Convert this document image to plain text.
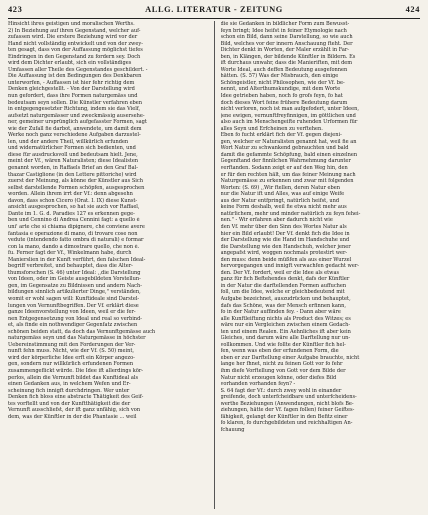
423	ALLG. LITERATUR - ZEITUNG	424
Hinsicht ihres geistigen und moralischen Werths.
2) In Beziehung auf ihren Gegenstand, welcher auf-
zufassen wird. Die erstere Beziehung wird vor der
Hand nicht vollständig entwickelt und von der zwey-
ten gesagt, dass von der Auffassung möglichst tiefes
Eindringen in den Gegenstand zu fordern sey. Doch
wird dem Dichter erlaubt, sich ein vollständiges
Umfassen aller Theile des Gegenstandes geschildert. -
Die Auffassung ist den Bedingungen des Denkbaren
unterworfen, - Auffassen ist hier fehr richtig dem
Denken gleichgestellt. - Von der Darstellung wird
nun gefordert, dass ihre Formen naturgemäss und
bedeutsam seyn sollen. Die Künstler verfahren eben
in entgegengesetzter Richtung, indem sie das Vielf,
aufsetzt naturgemässer und zweckmässig ausersehe-
ner, gemeiner ursprünglich aufgefasster Formen, sagt
wie der Zufall fie darbot, anwendete, um damit dem
Werke noch ganz verschiedene Aufgaben darzustel-
len, und der andere Theil, willkürlich erfunden
und widernatürlicher Formen sich bedienten, und
diese für ausdrucksvoll und bedeutsam hielt. Jene,
meint der Vf., wären Naturalisten; diese Idealisten
genannt worden, in Raffaels Brief an den Graf Bal-
thazar Castiglione (in den Lettere pittoriche) wird
zuerst der Meinung, als könne der Künstler aus Sich
selbst darstellende Formen schöpfen, ausgesprochen
worden. Allein ihrem irrt der Vf.: denn abgesehn
davon, dass schon Cicero (Orat. I. IX) diese Kunst-
ansicht ausgesprochen, so hat sie auch vor Raffael,
Dante im 1. G. d. Paradies 127 es erkennen gege-
ben und Cennino di Andrea Cennini fagt: a quello è
uni' arte che si chiama dipignere, chè conviene avere
fantasia e operazione di mano, di trovare cose non
vedute (intendendo fatto ombra di naturali) e formar
con la mano, dando a dimostrare quello, che non è.
fu. Ferner fagt der Vf., Winkelmann habe, durch
Manierslien in der Kunft verführt, den falschen Ideal-
begriff verbreitet, und behauptet, dass die Alter-
thumsforschen (S. 46) unter Ideal: ,,die Darstellung
von Ideen, oder im Geiste ausgebildeten Vorstellun-
gen, im Gegensatze zu Bildnissen und andern Nach-
bildungen sinnlich artikulierter Dinge," verständen,
womit er wohl sagen will: Kunftideale sind Darstel-
lungen von Vernunftbegriffen. Der Vf. erklärt diese
ganze Ideenvorstellung von Ideen, weil er die fer-
nen Entgegensetzung von Ideal und real so verbind-
et, als finde ein nothwendiger Gegenfatz zwischen
schönen beiden statt, da doch das Vernunftgemässe auch
naturgemäss seyn und das Naturgemässe in höchster
Uebereinstimmung mit den Forderungen der Ver-
nunft fehn muss. Nicht, wie der Vf. (S. 50) meint,
wird der körperliche Idee erft ein Körper angezo-
gen, sondern nur willkürlich erfundenen Formen
zusammengeflickt würde. Die Idee ift allerdings kör-
perlos, allein die Vernunft bildet das Kunftideal als
einen Gedanken aus, in welchem Wefen und Er-
scheinung fich innigft durchdringen. Wer unter
Denken fich bloss eine abstracte Thätigkeit des Geif-
tes vorftellt und von der Kunftthätigkeit die der
Vernunft ausschliefst, der ift ganz unfähig, sich von
dem, was der Künftler in der die Phantasie ... weil
die sie Gedanken in bildlicher Form zum Bewusst-
feyn bringt; Idee heifst in feiner Etymologie nach
schon ein Bild, dann seine Darstellung, so wie auch
Bild, welches vor der innern Anschauung fteht. Der
Dichter denkt in Worten, der Maler erzählt in Far-
ben, in Klängen, der bildende Künftler in Bildern. Es
ift durchaus unwahr, dass die Manieriften, mit dem
Worte Ideal, auch deffen Bedeutung ausgefonnen
hätten. (S. 57) Was der Misbrauch, den einige
Schöngeistler, nicht Philosophen, wie der Vf. be-
nennt, und Alterthumskundige, mit dem Worte
Idee getrieben haben, noch fo grofs feyn, fo hat
doch dieses Wort feine frühere Bedeutung darum
nicht verloren, noch ist man aufgefodert, unter Ideen,
jene ewigen, vernunftfreyfinnigen, im göttlichen und
also auch im Menschengeifte ruhenden Urformen für
alles Seyn und Erfcheinen zu verftehen.
Eben fo fucht erklärt fich der Vf. gegen diejeni-
gen, welcher er Naturalisten genannt hat, weil fie an
Wort Natur zu schwankend gebrauchten und bald
damit die gefammte Schöpfung, bald einen einzelnen
Gegenftand der finnlichen Wahrnehmung darunter
verftanden. Sodann zeigt er auf den Weg hin, den
er für den rechten hält, um das feiner Meinung nach
Naturgemässe zu erkennen und zwar mit folgenden
Worten: (S. 69) ,,Wir ftellen, deren Natur eben
nur die Natur ift und Alles, was auf einige Weife
aus der Natur entfpringt, natürlich heifst, und
keine Form deshalb, weil fie etwa nicht mehr aus
natürlichem, mehr und minder natürlich zu feyn fehei-
nen." - Wir erfahren aber dadurch nicht wie
den Vf. mehr über den Sinn des Wortes Natur als
hier ein Bild erlaubt! Der Vf. denkt fich die Idee in
der Darstellung wie die Hand im Handschuhe und
die Darstellung wie den Handschuh, welcher jener
angepafst wird, woggen nochmals protestirt wer-
den muss: denn beide müßfen als aus einer Wurzel
hervorgegangen und innigft verwachfen gedacht wer-
den. Der Vf. fordert, weil er die Idee als etwas
ganz für fich Beftehendes denkt, dafs der Künftler
in der Natur die darftellenden Formen auffuchen
foll, um die Idee, welche er gleichbedeutend mit
Aufgabe bezeichnet, auszudrücken und behauptet,
dafs das Schöne, was der Mensch erfinnen kann,
fo in der Natur auffinden fey. - Dann aber wäre
alle Kunftleiftung nichts als Product des Witzes; es
wäre nur ein Vergleichen zwischen einem Gedach-
ten und einem Realen. Ein Aehnliches ift aber kein
Gleiches, und darum wäre alle Darftellung nur un-
vollkommen. Und wie follte der Künftler fich hel-
fen, wenn was eben der erfundenen Form, die
eben er zur Darftellung einer Aufgabe brauchte, nicht
lange her fhnet, nicht zu feinen Gott vor fo fehr
ihm diefe Vorftellung von Gott vor dem Bilde der
Natur nicht erzeugen könne, oder diefes Bild
vorhanden vorhanden feyn? -
S. 64 fagt der Vf.: durch zwey wohl in einander
greifende, doch unterfcheidbare und unterfcheidens-
werthe Beziehungen (Anwendungen, nicht blofs Be-
ziehungen, hätte der Vf. fagen follen) feiner Geiftes-
fähigkeit, gelangt der Künftler in den Befitz einer
fo klaren, fo durchgebildeten und reichhaltigen An-
fchauung
